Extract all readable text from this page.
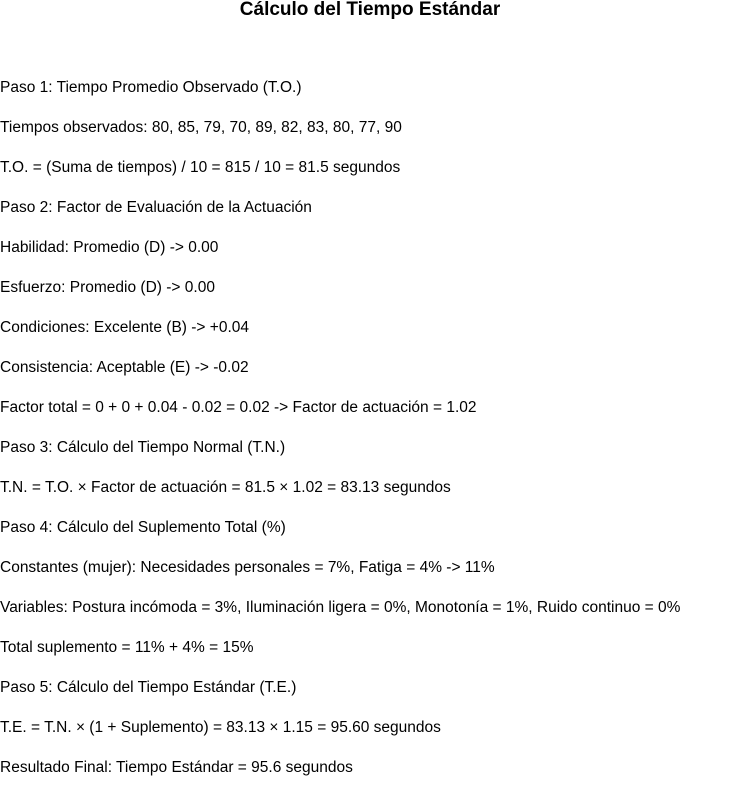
Cálculo del Tiempo Estándar
Paso 1: Tiempo Promedio Observado (T.O.)
Tiempos observados: 80, 85, 79, 70, 89, 82, 83, 80, 77, 90
T.O. = (Suma de tiempos) / 10 = 815 / 10 = 81.5 segundos
Paso 2: Factor de Evaluación de la Actuación
Habilidad: Promedio (D) -> 0.00
Esfuerzo: Promedio (D) -> 0.00
Condiciones: Excelente (B) -> +0.04
Consistencia: Aceptable (E) -> -0.02
Factor total = 0 + 0 + 0.04 - 0.02 = 0.02 -> Factor de actuación = 1.02
Paso 3: Cálculo del Tiempo Normal (T.N.)
T.N. = T.O. × Factor de actuación = 81.5 × 1.02 = 83.13 segundos
Paso 4: Cálculo del Suplemento Total (%)
Constantes (mujer): Necesidades personales = 7%, Fatiga = 4% -> 11%
Variables: Postura incómoda = 3%, Iluminación ligera = 0%, Monotonía = 1%, Ruido continuo = 0%
Total suplemento = 11% + 4% = 15%
Paso 5: Cálculo del Tiempo Estándar (T.E.)
T.E. = T.N. × (1 + Suplemento) = 83.13 × 1.15 = 95.60 segundos
Resultado Final: Tiempo Estándar = 95.6 segundos
